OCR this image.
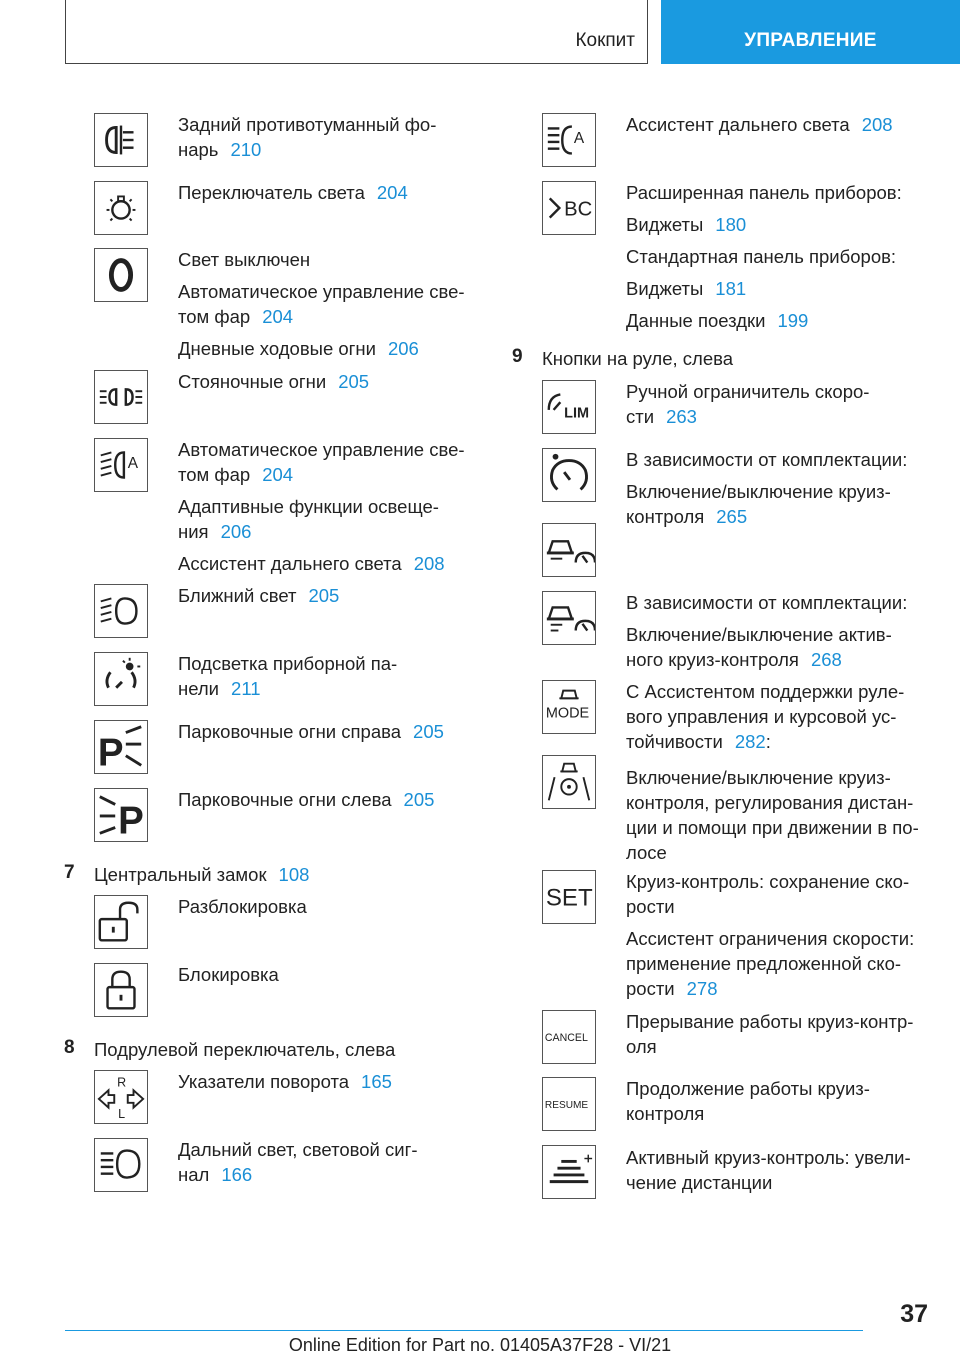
Кокпит	УПРАВЛЕНИЕ
Задний противотуманный фо-
нарь 210
Переключатель света 204
Свет выключен
Автоматическое управление све-
том фар 204
Дневные ходовые огни 206
Стояночные огни 205
A
Автоматическое управление све-
том фар 204
Адаптивные функции освеще-
ния 206
Ассистент дальнего света 208
Ближний свет 205
Подсветка приборной па-
нели 211
P	Парковочные огни справа 205
P Парковочные огни слева 205
7 Центральный замок 108
Разблокировка
Блокировка
8 Подрулевой переключатель, слева
R
L
Указатели поворота 165
Дальний свет, световой сиг-
нал 166
A
Ассистент дальнего света 208
BC
Расширенная панель приборов:
Виджеты 180
Стандартная панель приборов:
Виджеты 181
Данные поездки 199
9 Кнопки на руле, слева
LIM
Ручной ограничитель скоро-
сти 263
В зависимости от комплектации:
Включение/выключение круиз-
контроля 265
В зависимости от комплектации:
Включение/выключение актив-
ного круиз-контроля 268
MODE
С Ассистентом поддержки руле-
вого управления и курсовой ус-
тойчивости 282:
Включение/выключение круиз-
контроля, регулирования дистан-
ции и помощи при движении в по-
лосе
SET
Круиз-контроль: сохранение ско-
рости
Ассистент ограничения скорости:
применение предложенной ско-
рости 278
CANCEL
Прерывание работы круиз-контр-
оля
RESUME
Продолжение работы круиз-
контроля
Активный круиз-контроль: увели-
чение дистанции
37
Online Edition for Part no. 01405A37F28 - VI/21
